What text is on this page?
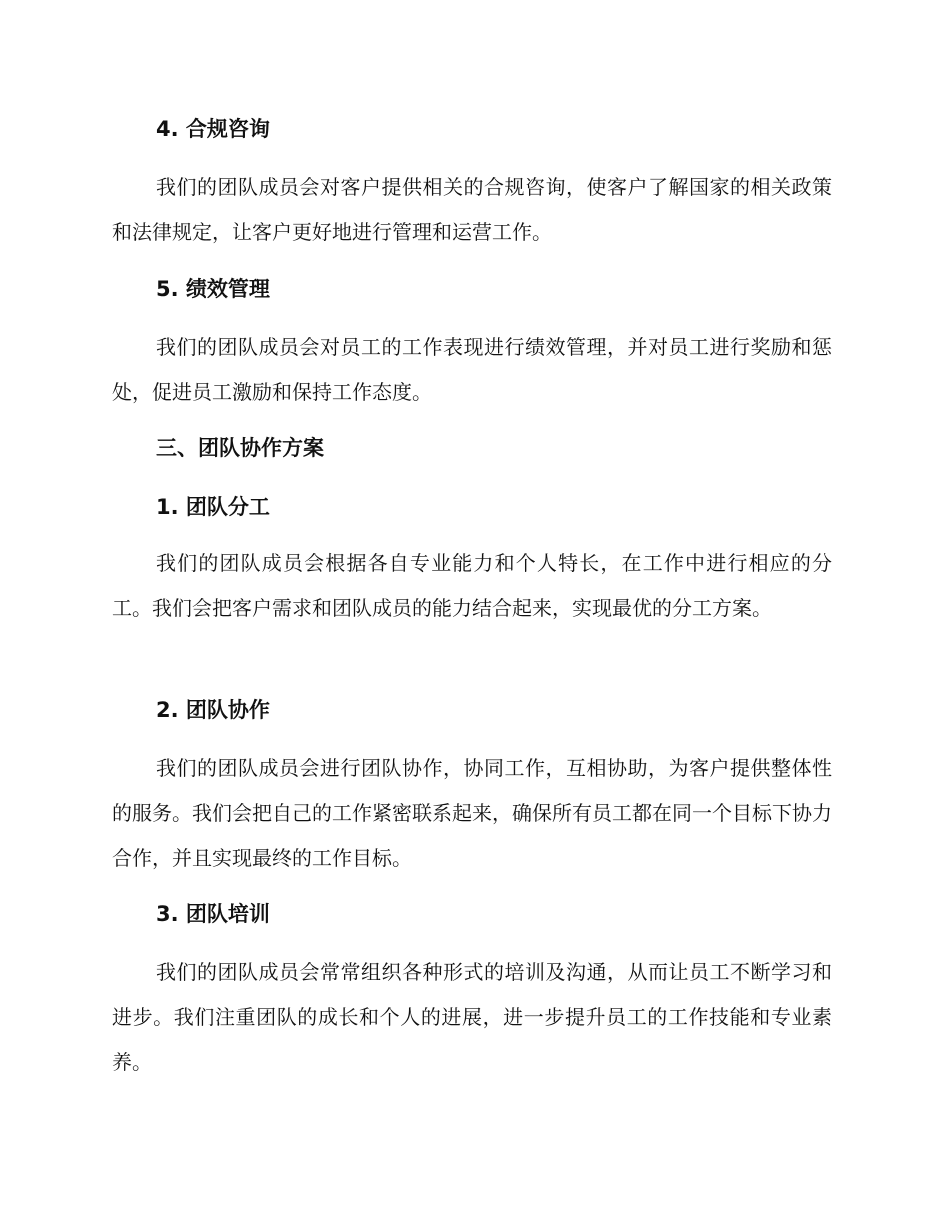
4. 合规咨询
我们的团队成员会对客户提供相关的合规咨询，使客户了解国家的相关政策和法律规定，让客户更好地进行管理和运营工作。
5. 绩效管理
我们的团队成员会对员工的工作表现进行绩效管理，并对员工进行奖励和惩处，促进员工激励和保持工作态度。
三、团队协作方案
1. 团队分工
我们的团队成员会根据各自专业能力和个人特长，在工作中进行相应的分工。我们会把客户需求和团队成员的能力结合起来，实现最优的分工方案。
2. 团队协作
我们的团队成员会进行团队协作，协同工作，互相协助，为客户提供整体性的服务。我们会把自己的工作紧密联系起来，确保所有员工都在同一个目标下协力合作，并且实现最终的工作目标。
3. 团队培训
我们的团队成员会常常组织各种形式的培训及沟通，从而让员工不断学习和进步。我们注重团队的成长和个人的进展，进一步提升员工的工作技能和专业素养。
